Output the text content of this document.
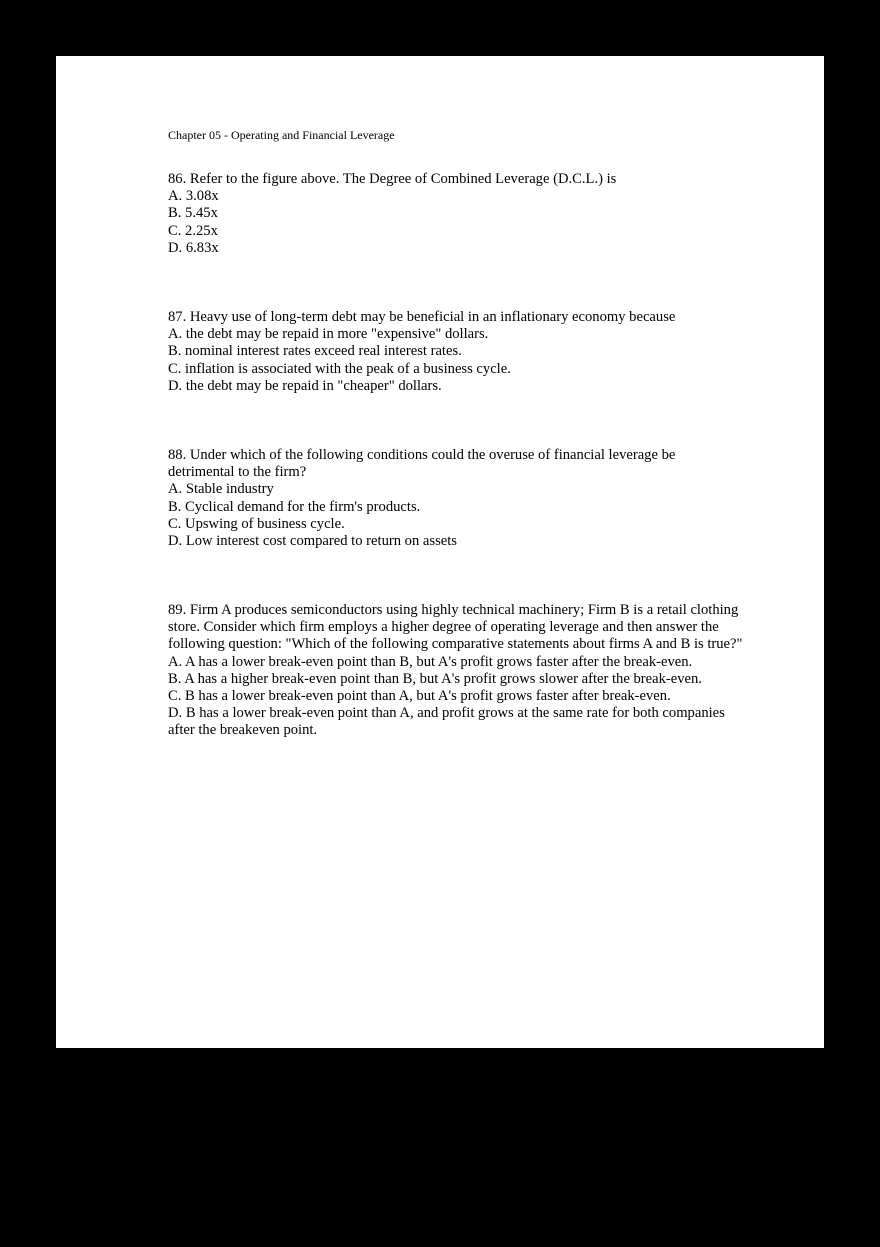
Chapter 05 - Operating and Financial Leverage

86. Refer to the figure above. The Degree of Combined Leverage (D.C.L.) is

A. 3.08x

B. 5.45x

C. 2.25x

D. 6.83x

87. Heavy use of long-term debt may be beneficial in an inflationary economy because

A. the debt may be repaid in more "expensive" dollars.

B. nominal interest rates exceed real interest rates.

C. inflation is associated with the peak of a business cycle.

D. the debt may be repaid in "cheaper" dollars.

88. Under which of the following conditions could the overuse of financial leverage be detrimental to the firm?

A. Stable industry

B. Cyclical demand for the firm's products.

C. Upswing of business cycle.

D. Low interest cost compared to return on assets

89. Firm A produces semiconductors using highly technical machinery; Firm B is a retail clothing store. Consider which firm employs a higher degree of operating leverage and then answer the following question: "Which of the following comparative statements about firms A and B is true?"

A. A has a lower break-even point than B, but A's profit grows faster after the break-even.

B. A has a higher break-even point than B, but A's profit grows slower after the break-even.

C. B has a lower break-even point than A, but A's profit grows faster after break-even.

D. B has a lower break-even point than A, and profit grows at the same rate for both companies after the breakeven point.
